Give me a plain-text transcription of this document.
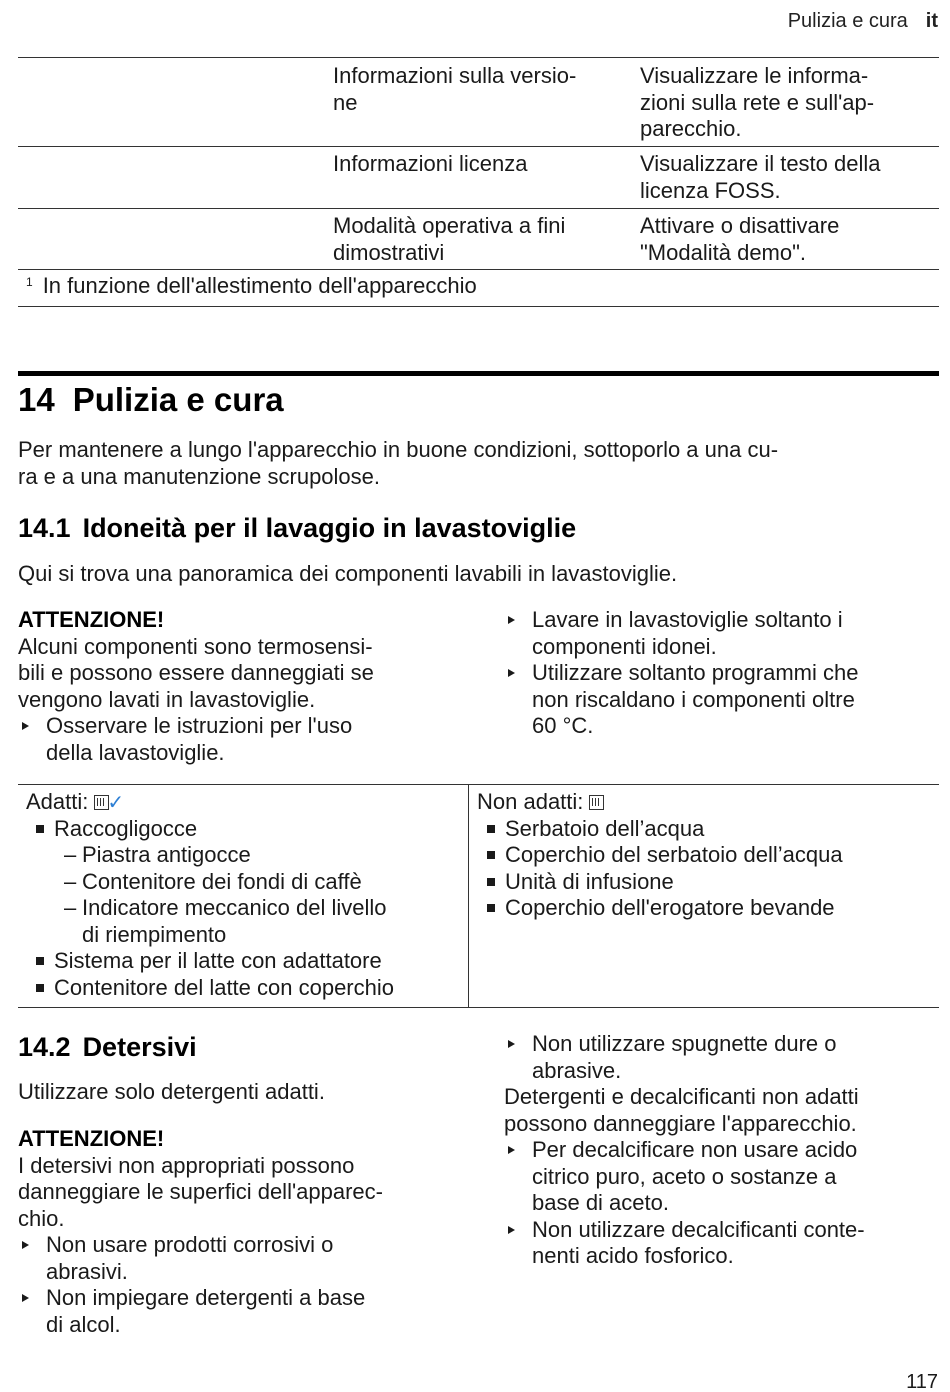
Pulizia e cura it
Informazioni sulla versio-
ne
Visualizzare le informa-
zioni sulla rete e sull'ap-
parecchio.
Informazioni licenza	Visualizzare il testo della
licenza FOSS.
Modalità operativa a fini
dimostrativi
Attivare o disattivare
"Modalità demo".
$^1$ In funzione dell'allestimento dell'apparecchio
14 Pulizia e cura
Per mantenere a lungo l'apparecchio in buone condizioni, sottoporlo a una cu-
ra e a una manutenzione scrupolose.
14.1 Idoneità per il lavaggio in lavastoviglie
Qui si trova una panoramica dei componenti lavabili in lavastoviglie.
ATTENZIONE!
Alcuni componenti sono termosensi-
bili e possono essere danneggiati se
vengono lavati in lavastoviglie.
Osservare le istruzioni per l'uso
della lavastoviglie.
Lavare in lavastoviglie soltanto i
componenti idonei.
Utilizzare soltanto programmi che
non riscaldano i componenti oltre
60 °C.
Adatti: ✓
Raccogligocce
– Piastra antigocce
– Contenitore dei fondi di caffè
– Indicatore meccanico del livello
di riempimento
Sistema per il latte con adattatore
Contenitore del latte con coperchio
Non adatti:
Serbatoio dell’acqua
Coperchio del serbatoio dell’acqua
Unità di infusione
Coperchio dell'erogatore bevande
14.2 Detersivi
Utilizzare solo detergenti adatti.
ATTENZIONE!
I detersivi non appropriati possono
danneggiare le superfici dell'apparec-
chio.
Non usare prodotti corrosivi o
abrasivi.
Non impiegare detergenti a base
di alcol.
Non utilizzare spugnette dure o
abrasive.
Detergenti e decalcificanti non adatti
possono danneggiare l'apparecchio.
Per decalcificare non usare acido
citrico puro, aceto o sostanze a
base di aceto.
Non utilizzare decalcificanti conte-
nenti acido fosforico.
117
